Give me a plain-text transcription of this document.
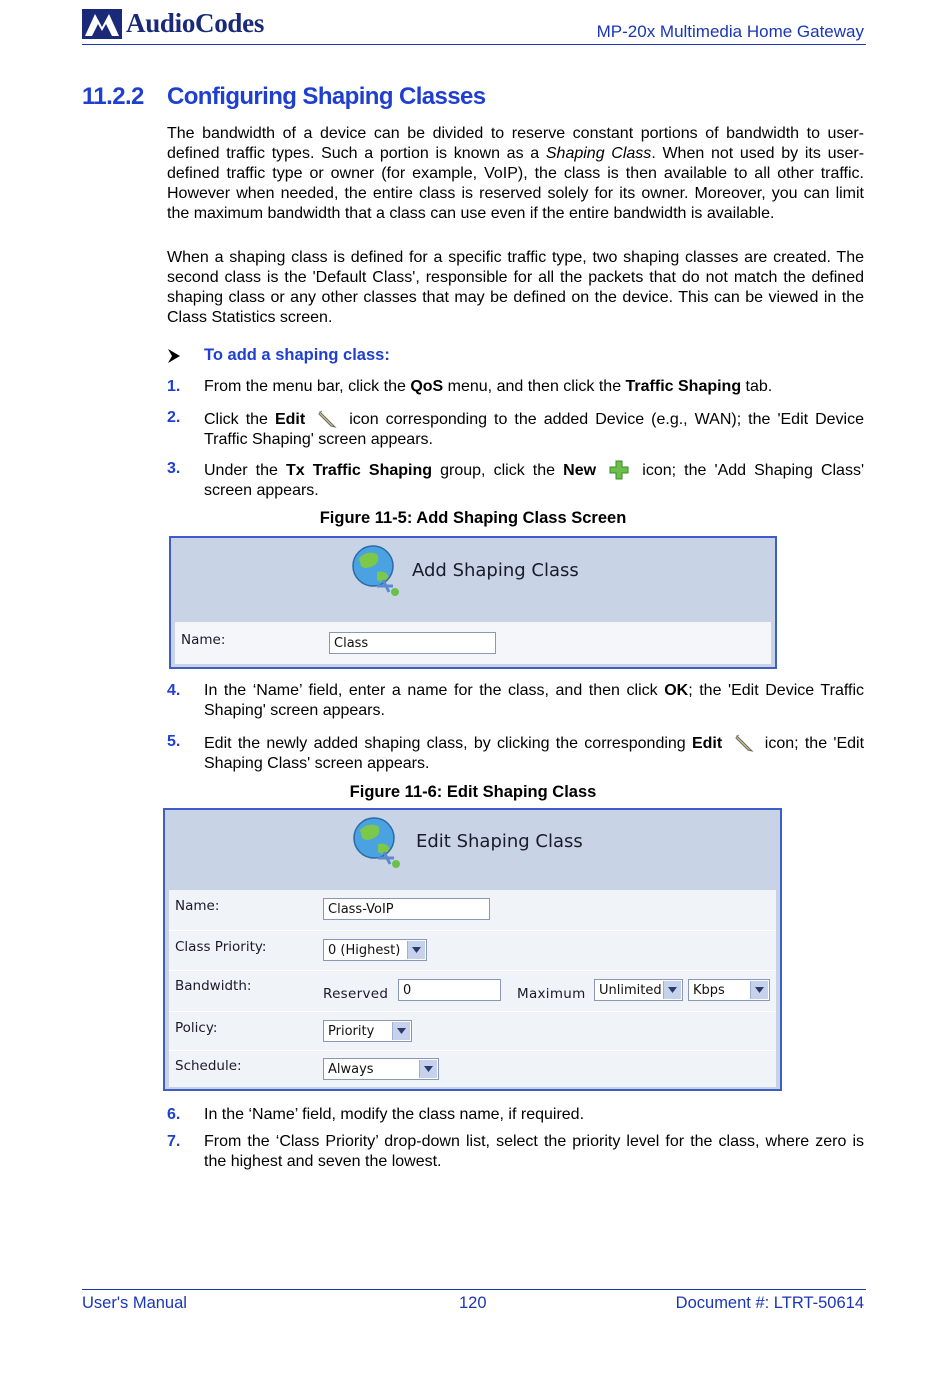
AudioCodes	MP-20x Multimedia Home Gateway
11.2.2 Configuring Shaping Classes
The bandwidth of a device can be divided to reserve constant portions of bandwidth to user-defined traffic types. Such a portion is known as a Shaping Class. When not used by its user-defined traffic type or owner (for example, VoIP), the class is then available to all other traffic. However when needed, the entire class is reserved solely for its owner. Moreover, you can limit the maximum bandwidth that a class can use even if the entire bandwidth is available.
When a shaping class is defined for a specific traffic type, two shaping classes are created. The second class is the 'Default Class', responsible for all the packets that do not match the defined shaping class or any other classes that may be defined on the device. This can be viewed in the Class Statistics screen.
To add a shaping class:
1. From the menu bar, click the QoS menu, and then click the Traffic Shaping tab.
2. Click the Edit  icon corresponding to the added Device (e.g., WAN); the 'Edit Device Traffic Shaping' screen appears.
3. Under the Tx Traffic Shaping group, click the New  icon; the 'Add Shaping Class' screen appears.
Figure 11-5: Add Shaping Class Screen
Add Shaping Class
Name:	Class
4. In the ‘Name’ field, enter a name for the class, and then click OK; the 'Edit Device Traffic Shaping' screen appears.
5. Edit the newly added shaping class, by clicking the corresponding Edit  icon; the 'Edit Shaping Class' screen appears.
Figure 11-6: Edit Shaping Class
Edit Shaping Class
Name:	Class-VoIP
Class Priority:	0 (Highest)
Bandwidth:	Reserved	0	Maximum	Unlimited	Kbps
Policy:	Priority
Schedule:	Always
6. In the ‘Name’ field, modify the class name, if required.
7. From the ‘Class Priority’ drop-down list, select the priority level for the class, where zero is the highest and seven the lowest.
User's Manual	120	Document #: LTRT-50614
